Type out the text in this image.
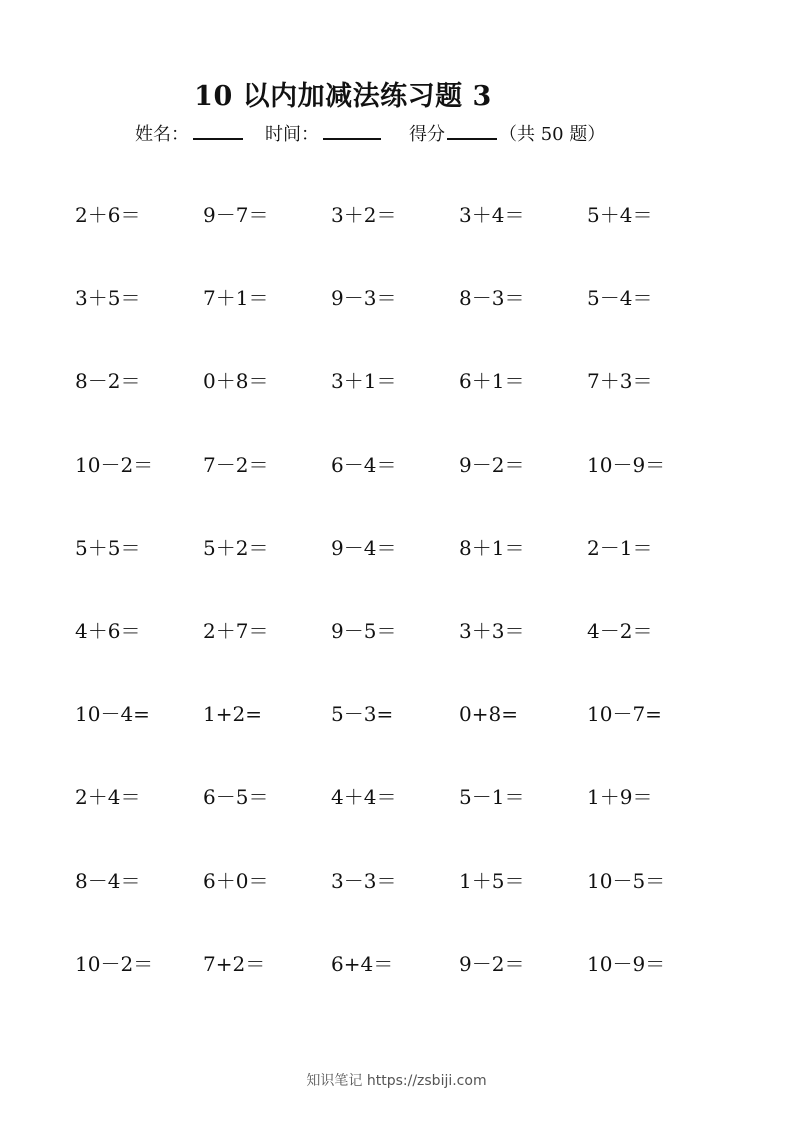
10 以内加减法练习题 3
姓名：	时间：	得分	（共 50 题）
2＋6＝	9－7＝	3＋2＝	3＋4＝	5＋4＝
3＋5＝	7＋1＝	9－3＝	8－3＝	5－4＝
8－2＝	0＋8＝	3＋1＝	6＋1＝	7＋3＝
10－2＝ 7－2＝	6－4＝	9－2＝	10－9＝
5＋5＝	5＋2＝	9－4＝	8＋1＝	2－1＝
4＋6＝	2＋7＝	9－5＝	3＋3＝	4－2＝
10－4=	1+2=	5－3=	0+8=	10－7=
2＋4＝	6－5＝	4＋4＝	5－1＝	1＋9＝
8－4＝	6＋0＝	3－3＝	1＋5＝	10－5＝
10－2＝ 7+2＝	6+4＝	9－2＝	10－9＝
知识笔记 https://zsbiji.com
